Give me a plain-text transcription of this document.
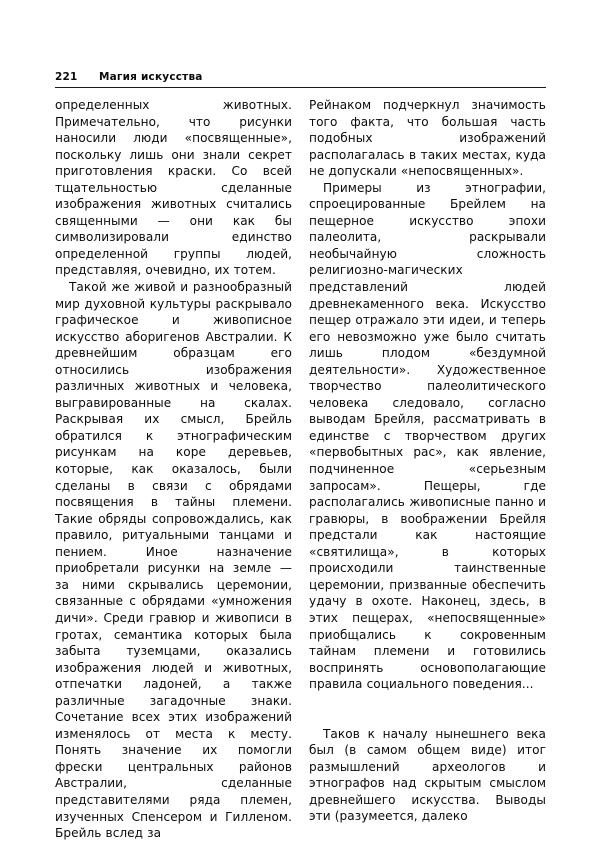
221	Магия искусства

определенных животных. Примечательно, что рисунки наносили люди «посвященные», поскольку лишь они знали секрет приготовления краски. Со всей тщательностью сделанные изображения животных считались священными — они как бы символизировали единство определенной группы людей, представляя, очевидно, их тотем.

Такой же живой и разнообразный мир духовной культуры раскрывало графическое и живописное искусство аборигенов Австралии. К древнейшим образцам его относились изображения различных животных и человека, выгравированные на скалах. Раскрывая их смысл, Брейль обратился к этнографическим рисункам на коре деревьев, которые, как оказалось, были сделаны в связи с обрядами посвящения в тайны племени. Такие обряды сопровождались, как правило, ритуальными танцами и пением. Иное назначение приобретали рисунки на земле — за ними скрывались церемонии, связанные с обрядами «умножения дичи». Среди гравюр и живописи в гротах, семантика которых была забыта туземцами, оказались изображения людей и животных, отпечатки ладоней, а также различные загадочные знаки. Сочетание всех этих изображений изменялось от места к месту. Понять значение их помогли фрески центральных районов Австралии, сделанные представителями ряда племен, изученных Спенсером и Гилленом. Брейль вслед за

Рейнаком подчеркнул значимость того факта, что большая часть подобных изображений располагалась в таких местах, куда не допускали «непосвященных».

Примеры из этнографии, спроецированные Брейлем на пещерное искусство эпохи палеолита, раскрывали необычайную сложность религиозно-магических представлений людей древнекаменного века. Искусство пещер отражало эти идеи, и теперь его невозможно уже было считать лишь плодом «бездумной деятельности». Художественное творчество палеолитического человека следовало, согласно выводам Брейля, рассматривать в единстве с творчеством других «первобытных рас», как явление, подчиненное «серьезным запросам». Пещеры, где располагались живописные панно и гравюры, в воображении Брейля предстали как настоящие «святилища», в которых происходили таинственные церемонии, призванные обеспечить удачу в охоте. Наконец, здесь, в этих пещерах, «непосвященные» приобщались к сокровенным тайнам племени и готовились воспринять основополагающие правила социального поведения...

Таков к началу нынешнего века был (в самом общем виде) итог размышлений археологов и этнографов над скрытым смыслом древнейшего искусства. Выводы эти (разумеется, далеко
